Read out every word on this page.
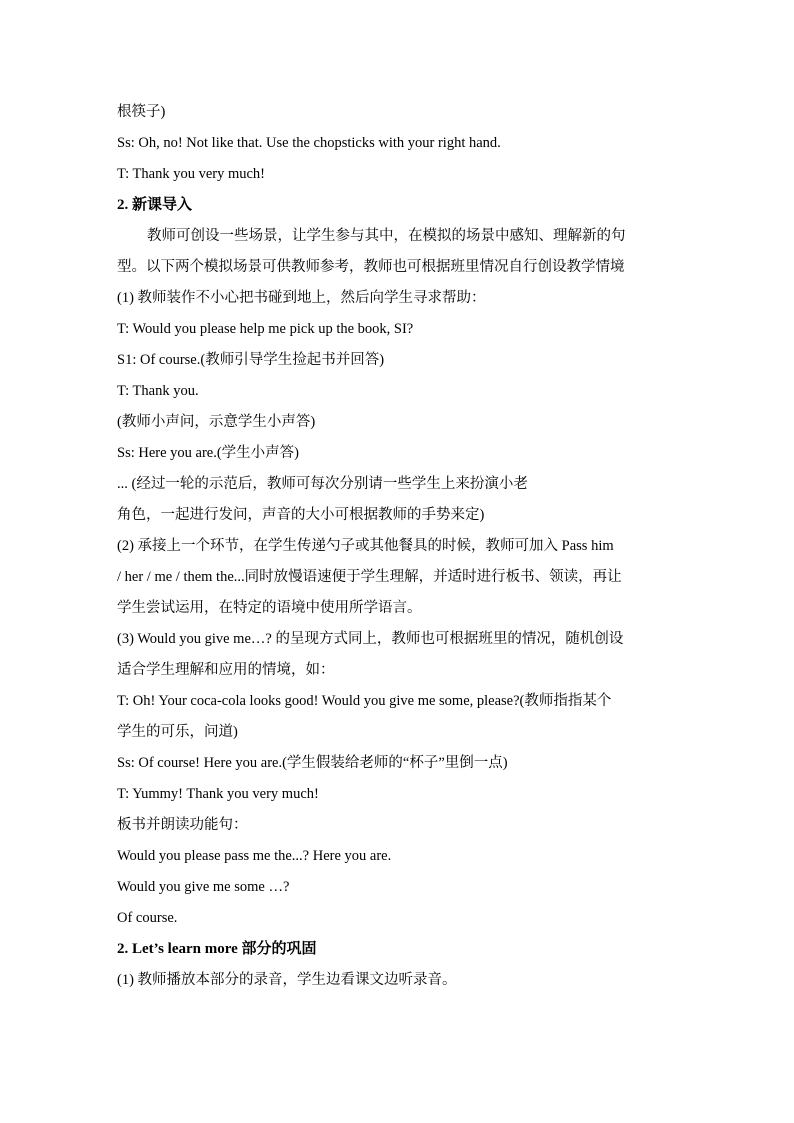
根筷子)
Ss: Oh, no! Not like that. Use the chopsticks with your right hand.
T: Thank you very much!
2. 新课导入
教师可创设一些场景，让学生参与其中，在模拟的场景中感知、理解新的句
型。以下两个模拟场景可供教师参考，教师也可根据班里情况自行创设教学情境
(1) 教师装作不小心把书碰到地上，然后向学生寻求帮助：
T: Would you please help me pick up the book, SI?
S1: Of course.(教师引导学生捡起书并回答)
T: Thank you.
(教师小声问，示意学生小声答)
Ss: Here you are.(学生小声答)
... (经过一轮的示范后，教师可每次分别请一些学生上来扮演小老
角色，一起进行发问，声音的大小可根据教师的手势来定)
(2) 承接上一个环节，在学生传递勺子或其他餐具的时候，教师可加入 Pass him
/ her / me / them the...同时放慢语速便于学生理解，并适时进行板书、领读，再让
学生尝试运用，在特定的语境中使用所学语言。
(3) Would you give me…? 的呈现方式同上，教师也可根据班里的情况，随机创设
适合学生理解和应用的情境，如：
T: Oh! Your coca-cola looks good! Would you give me some, please?(教师指指某个
学生的可乐，问道)
Ss: Of course! Here you are.(学生假装给老师的“杯子”里倒一点)
T: Yummy! Thank you very much!
板书并朗读功能句：
Would you please pass me the...? Here you are.
Would you give me some …?
Of course.
2. Let’s learn more 部分的巩固
(1) 教师播放本部分的录音，学生边看课文边听录音。
